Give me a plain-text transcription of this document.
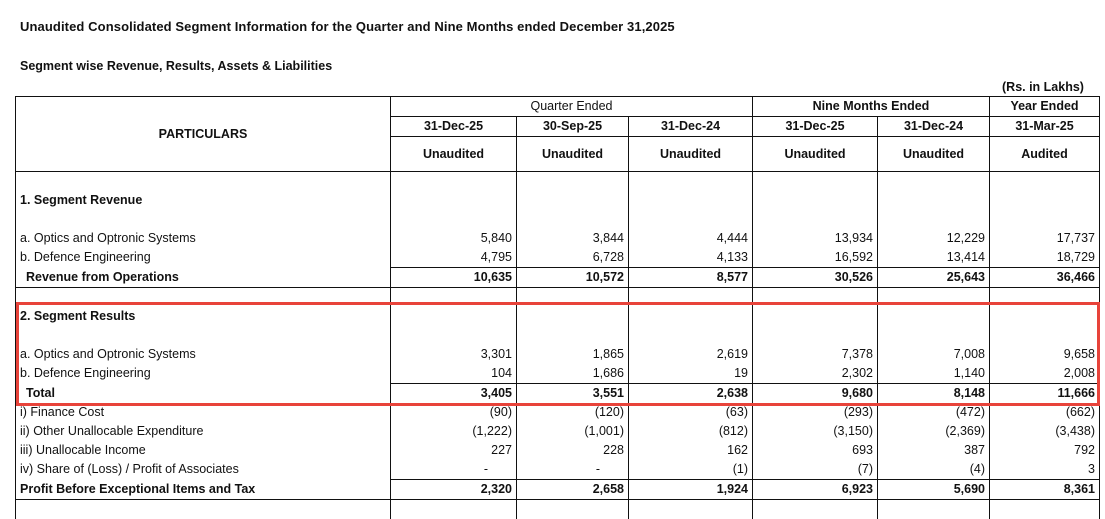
Unaudited Consolidated Segment Information for the Quarter and Nine Months ended December 31,2025
Segment wise Revenue, Results, Assets & Liabilities
(Rs. in Lakhs)
PARTICULARS	Quarter Ended			Nine Months Ended		Year Ended
	31-Dec-25	30-Sep-25	31-Dec-24	31-Dec-25	31-Dec-24	31-Mar-25
	Unaudited	Unaudited	Unaudited	Unaudited	Unaudited	Audited

1. Segment Revenue						

a. Optics and Optronic Systems	5,840	3,844	4,444	13,934	12,229	17,737
b. Defence Engineering	4,795	6,728	4,133	16,592	13,414	18,729
Revenue from Operations	10,635	10,572	8,577	30,526	25,643	36,466

2. Segment Results						

a. Optics and Optronic Systems	3,301	1,865	2,619	7,378	7,008	9,658
b. Defence Engineering	104	1,686	19	2,302	1,140	2,008
Total	3,405	3,551	2,638	9,680	8,148	11,666
i) Finance Cost	(90)	(120)	(63)	(293)	(472)	(662)
ii) Other Unallocable Expenditure	(1,222)	(1,001)	(812)	(3,150)	(2,369)	(3,438)
iii) Unallocable Income	227	228	162	693	387	792
iv) Share of (Loss) / Profit of Associates	-	-	(1)	(7)	(4)	3
Profit Before Exceptional Items and Tax	2,320	2,658	1,924	6,923	5,690	8,361
